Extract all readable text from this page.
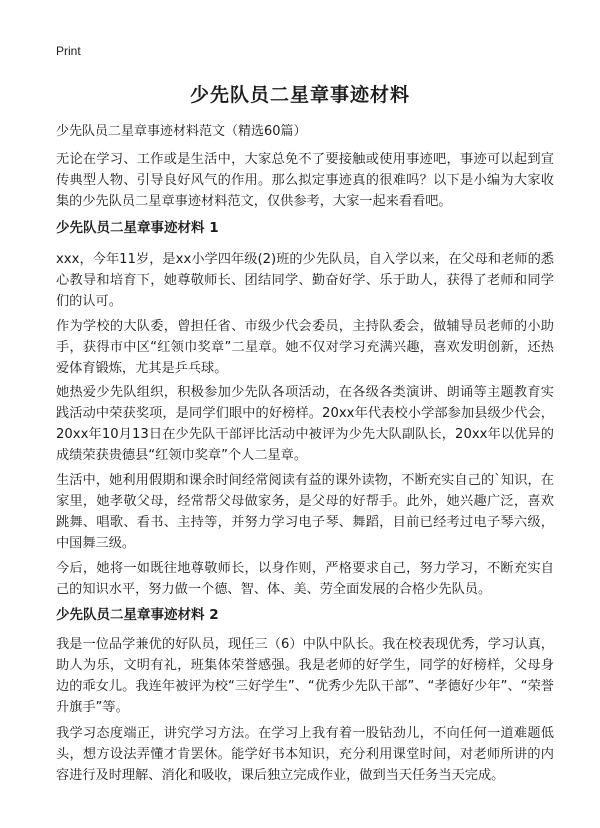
Print
少先队员二星章事迹材料
少先队员二星章事迹材料范文（精选60篇）
无论在学习、工作或是生活中，大家总免不了要接触或使用事迹吧，事迹可以起到宣传典型人物、引导良好风气的作用。那么拟定事迹真的很难吗？以下是小编为大家收集的少先队员二星章事迹材料范文，仅供参考，大家一起来看看吧。
少先队员二星章事迹材料 1
xxx，今年11岁，是xx小学四年级(2)班的少先队员，自入学以来，在父母和老师的悉心教导和培育下，她尊敬师长、团结同学、勤奋好学、乐于助人，获得了老师和同学们的认可。
作为学校的大队委，曾担任省、市级少代会委员，主持队委会，做辅导员老师的小助手，获得市中区“红领巾奖章”二星章。她不仅对学习充满兴趣，喜欢发明创新，还热爱体育锻炼，尤其是乒乓球。
她热爱少先队组织，积极参加少先队各项活动，在各级各类演讲、朗诵等主题教育实践活动中荣获奖项，是同学们眼中的好榜样。20xx年代表校小学部参加县级少代会，20xx年10月13日在少先队干部评比活动中被评为少先大队副队长，20xx年以优异的成绩荣获贵德县“红领巾奖章”个人二星章。
生活中，她利用假期和课余时间经常阅读有益的课外读物，不断充实自己的`知识，在家里，她孝敬父母，经常帮父母做家务，是父母的好帮手。此外，她兴趣广泛，喜欢跳舞、唱歌、看书、主持等，并努力学习电子琴、舞蹈，目前已经考过电子琴六级，中国舞三级。
今后，她将一如既往地尊敬师长，以身作则，严格要求自己，努力学习，不断充实自己的知识水平，努力做一个德、智、体、美、劳全面发展的合格少先队员。
少先队员二星章事迹材料 2
我是一位品学兼优的好队员，现任三（6）中队中队长。我在校表现优秀，学习认真，助人为乐，文明有礼，班集体荣誉感强。我是老师的好学生，同学的好榜样，父母身边的乖女儿。我连年被评为校“三好学生”、“优秀少先队干部”、“孝德好少年”、“荣誉升旗手”等。
我学习态度端正，讲究学习方法。在学习上我有着一股钻劲儿，不向任何一道难题低头，想方设法弄懂才肯罢休。能学好书本知识，充分利用课堂时间，对老师所讲的内容进行及时理解、消化和吸收，课后独立完成作业，做到当天任务当天完成。
